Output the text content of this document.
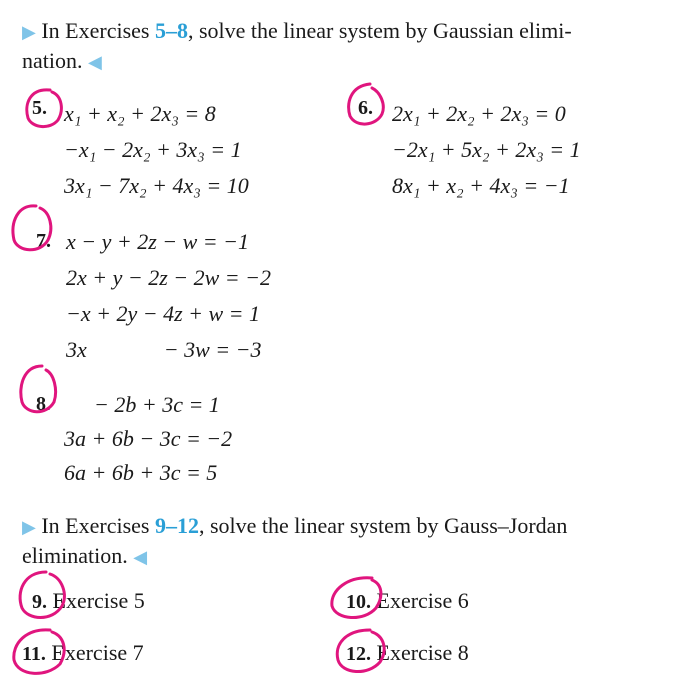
▶ In Exercises 5–8, solve the linear system by Gaussian elimi-
nation. ◀
5. x₁ + x₂ + 2x₃ = 8
−x₁ − 2x₂ + 3x₃ = 1
3x₁ − 7x₂ + 4x₃ = 10
6. 2x₁ + 2x₂ + 2x₃ = 0
−2x₁ + 5x₂ + 2x₃ = 1
8x₁ + x₂ + 4x₃ = −1
7. x − y + 2z − w = −1
2x + y − 2z − 2w = −2
−x + 2y − 4z + w = 1
3x              − 3w = −3
8.	− 2b + 3c = 1
3a + 6b − 3c = −2
6a + 6b + 3c = 5
▶ In Exercises 9–12, solve the linear system by Gauss–Jordan
elimination. ◀
9. Exercise 5	10. Exercise 6
11. Exercise 7	12. Exercise 8
